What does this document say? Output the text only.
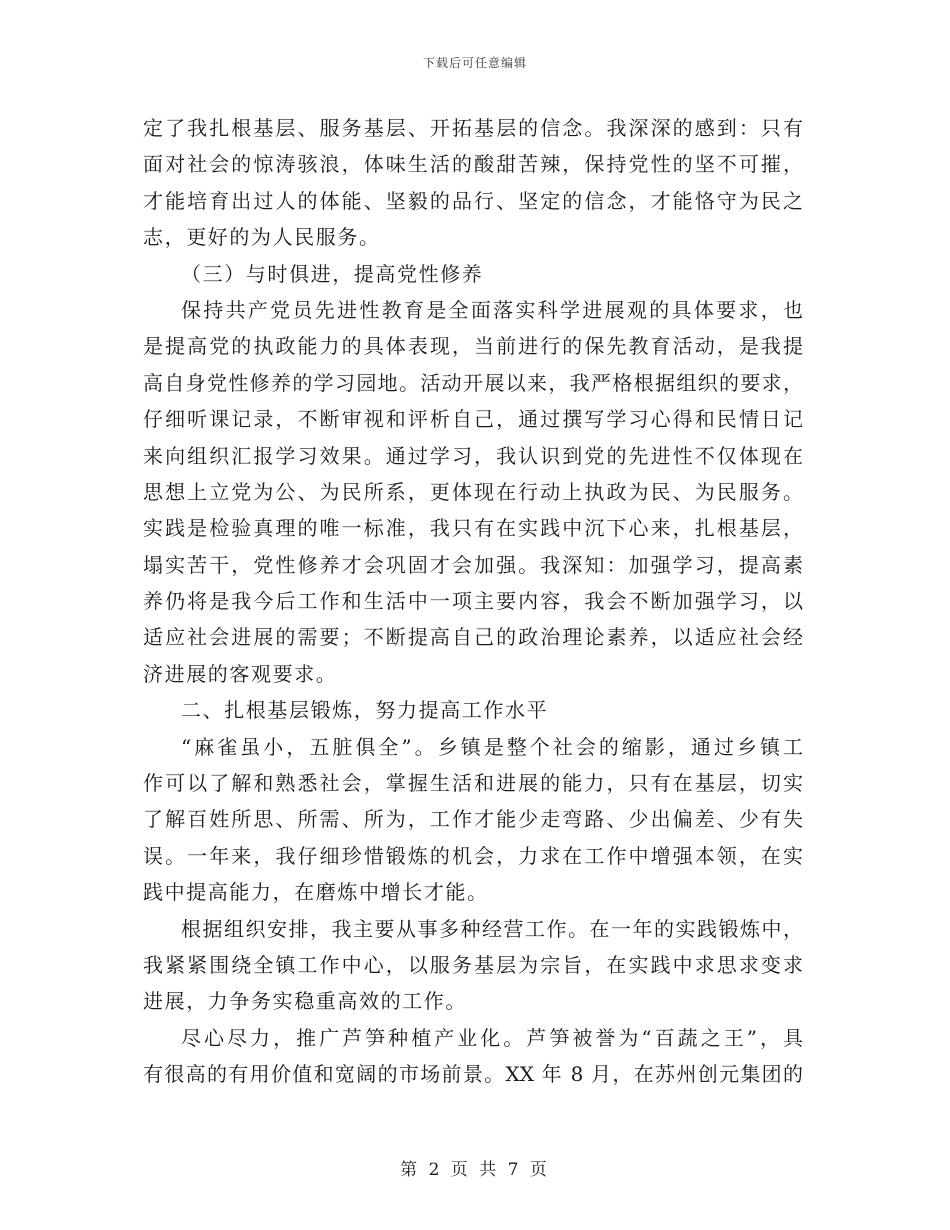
下载后可任意编辑
定了我扎根基层、服务基层、开拓基层的信念。我深深的感到：只有
面对社会的惊涛骇浪，体味生活的酸甜苦辣，保持党性的坚不可摧，
才能培育出过人的体能、坚毅的品行、坚定的信念，才能恪守为民之
志，更好的为人民服务。
（三）与时俱进，提高党性修养
保持共产党员先进性教育是全面落实科学进展观的具体要求，也
是提高党的执政能力的具体表现，当前进行的保先教育活动，是我提
高自身党性修养的学习园地。活动开展以来，我严格根据组织的要求，
仔细听课记录，不断审视和评析自己，通过撰写学习心得和民情日记
来向组织汇报学习效果。通过学习，我认识到党的先进性不仅体现在
思想上立党为公、为民所系，更体现在行动上执政为民、为民服务。
实践是检验真理的唯一标准，我只有在实践中沉下心来，扎根基层，
塌实苦干，党性修养才会巩固才会加强。我深知：加强学习，提高素
养仍将是我今后工作和生活中一项主要内容，我会不断加强学习，以
适应社会进展的需要；不断提高自己的政治理论素养，以适应社会经
济进展的客观要求。
二、扎根基层锻炼，努力提高工作水平
“麻雀虽小，五脏俱全”。乡镇是整个社会的缩影，通过乡镇工
作可以了解和熟悉社会，掌握生活和进展的能力，只有在基层，切实
了解百姓所思、所需、所为，工作才能少走弯路、少出偏差、少有失
误。一年来，我仔细珍惜锻炼的机会，力求在工作中增强本领，在实
践中提高能力，在磨炼中增长才能。
根据组织安排，我主要从事多种经营工作。在一年的实践锻炼中，
我紧紧围绕全镇工作中心，以服务基层为宗旨，在实践中求思求变求
进展，力争务实稳重高效的工作。
尽心尽力，推广芦笋种植产业化。芦笋被誉为“百蔬之王”，具
有很高的有用价值和宽阔的市场前景。XX 年 8 月，在苏州创元集团的
第 2 页 共 7 页
